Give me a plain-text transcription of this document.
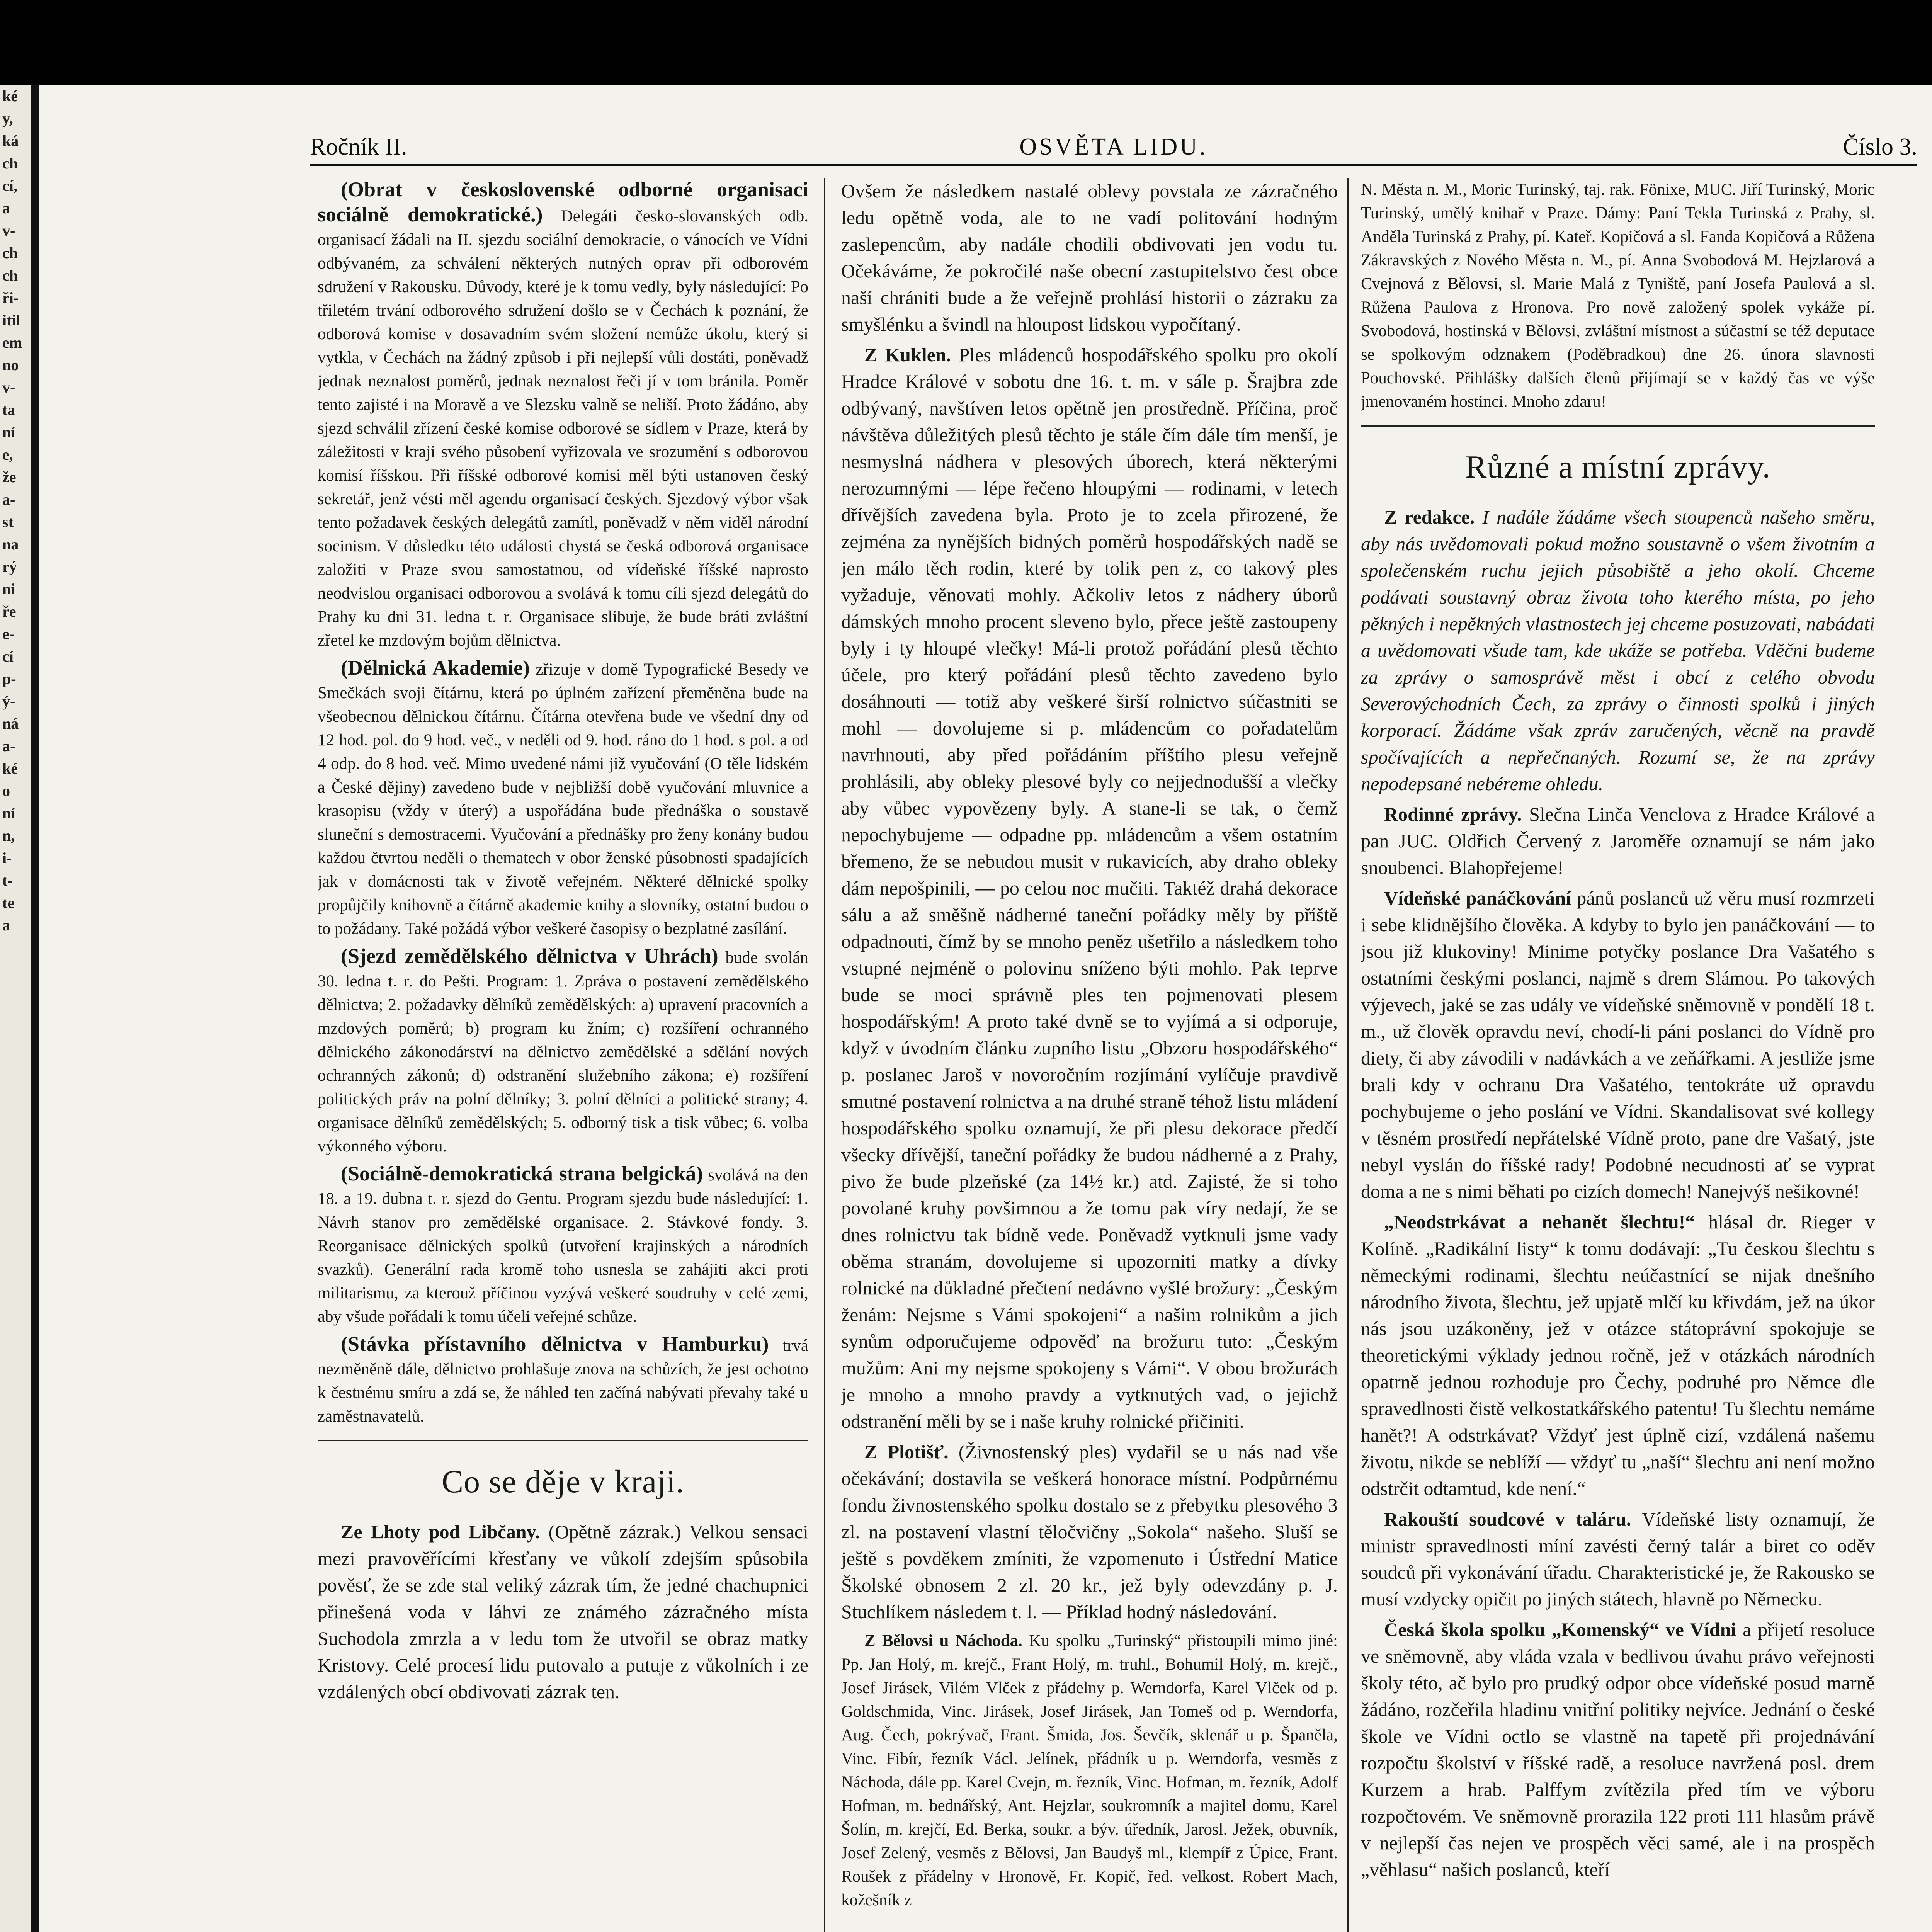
ké
y,
ká
ch
cí,
a
v-
ch
ch
ři-
itil
em
no
v-
ta
ní
e,
že
a-
st
na
rý
ni
ře
e-
cí
p-
ý-
ná
a-
ké
o
ní
n,
i-
t-
te
a
Ročník II.	OSVĚTA LIDU.	Číslo 3.

(Obrat v československé odborné organisaci sociálně demokratické.) Delegáti česko-slovanských odb. organisací žádali na II. sjezdu sociální demokracie, o vánocích ve Vídni odbývaném, za schválení některých nutných oprav při odborovém sdružení v Rakousku. Důvody, které je k tomu vedly, byly následující: Po třiletém trvání odborového sdružení došlo se v Čechách k poznání, že odborová komise v dosavadním svém složení nemůže úkolu, který si vytkla, v Čechách na žádný způsob i při nejlepší vůli dostáti, poněvadž jednak neznalost poměrů, jednak neznalost řeči jí v tom bránila. Poměr tento zajisté i na Moravě a ve Slezsku valně se neliší. Proto žádáno, aby sjezd schválil zřízení české komise odborové se sídlem v Praze, která by záležitosti v kraji svého působení vyřizovala ve srozumění s odborovou komisí říšskou. Při říšské odborové komisi měl býti ustanoven český sekretář, jenž vésti měl agendu organisací českých. Sjezdový výbor však tento požadavek českých delegátů zamítl, poněvadž v něm viděl národní socinism. V důsledku této události chystá se česká odborová organisace založiti v Praze svou samostatnou, od vídeňské říšské naprosto neodvislou organisaci odborovou a svolává k tomu cíli sjezd delegátů do Prahy ku dni 31. ledna t. r. Organisace slibuje, že bude bráti zvláštní zřetel ke mzdovým bojům dělnictva.

(Dělnická Akademie) zřizuje v domě Typografické Besedy ve Smečkách svoji čítárnu, která po úplném zařízení přeměněna bude na všeobecnou dělnickou čítárnu. Čítárna otevřena bude ve všední dny od 12 hod. pol. do 9 hod. več., v neděli od 9. hod. ráno do 1 hod. s pol. a od 4 odp. do 8 hod. več. Mimo uvedené námi již vyučování (O těle lidském a České dějiny) zavedeno bude v nejbližší době vyučování mluvnice a krasopisu (vždy v úterý) a uspořádána bude přednáška o soustavě sluneční s demostracemi. Vyučování a přednášky pro ženy konány budou každou čtvrtou neděli o thematech v obor ženské působnosti spadajících jak v domácnosti tak v životě veřejném. Některé dělnické spolky propůjčily knihovně a čítárně akademie knihy a slovníky, ostatní budou o to požádany. Také požádá výbor veškeré časopisy o bezplatné zasílání.

(Sjezd zemědělského dělnictva v Uhrách) bude svolán 30. ledna t. r. do Pešti. Program: 1. Zpráva o postavení zemědělského dělnictva; 2. požadavky dělníků zemědělských: a) upravení pracovních a mzdových poměrů; b) program ku žním; c) rozšíření ochranného dělnického zákonodárství na dělnictvo zemědělské a sdělání nových ochranných zákonů; d) odstranění služebního zákona; e) rozšíření politických práv na polní dělníky; 3. polní dělníci a politické strany; 4. organisace dělníků zemědělských; 5. odborný tisk a tisk vůbec; 6. volba výkonného výboru.

(Sociálně-demokratická strana belgická) svolává na den 18. a 19. dubna t. r. sjezd do Gentu. Program sjezdu bude následující: 1. Návrh stanov pro zemědělské organisace. 2. Stávkové fondy. 3. Reorganisace dělnických spolků (utvoření krajinských a národních svazků). Generální rada kromě toho usnesla se zahájiti akci proti militarismu, za kterouž příčinou vyzývá veškeré soudruhy v celé zemi, aby všude pořádali k tomu účeli veřejné schůze.

(Stávka přístavního dělnictva v Hamburku) trvá nezměněně dále, dělnictvo prohlašuje znova na schůzích, že jest ochotno k čestnému smíru a zdá se, že náhled ten začíná nabývati převahy také u zaměstnavatelů.

Co se děje v kraji.

Ze Lhoty pod Libčany. (Opětně zázrak.) Velkou sensaci mezi pravověřícími křesťany ve vůkolí zdejším spůsobila pověsť, že se zde stal veliký zázrak tím, že jedné chachupnici přinešená voda v láhvi ze známého zázračného místa Suchodola zmrzla a v ledu tom že utvořil se obraz matky Kristovy. Celé procesí lidu putovalo a putuje z vůkolních i ze vzdálených obcí obdivovati zázrak ten.

Ovšem že následkem nastalé oblevy povstala ze zázračného ledu opětně voda, ale to ne vadí politování hodným zaslepencům, aby nadále chodili obdivovati jen vodu tu. Očekáváme, že pokročilé naše obecní zastupitelstvo čest obce naší chrániti bude a že veřejně prohlásí historii o zázraku za smyšlénku a švindl na hloupost lidskou vypočítaný.

Z Kuklen. Ples mládenců hospodářského spolku pro okolí Hradce Králové v sobotu dne 16. t. m. v sále p. Šrajbra zde odbývaný, navštíven letos opětně jen prostředně. Příčina, proč návštěva důležitých plesů těchto je stále čím dále tím menší, je nesmyslná nádhera v plesových úborech, která některými nerozumnými — lépe řečeno hloupými — rodinami, v letech dřívějších zavedena byla. Proto je to zcela přirozené, že zejména za nynějších bidných poměrů hospodářských nadě se jen málo těch rodin, které by tolik pen z, co takový ples vyžaduje, věnovati mohly. Ačkoliv letos z nádhery úborů dámských mnoho procent sleveno bylo, přece ještě zastoupeny byly i ty hloupé vlečky! Má-li protož pořádání plesů těchto účele, pro který pořádání plesů těchto zavedeno bylo dosáhnouti — totiž aby veškeré širší rolnictvo súčastniti se mohl — dovolujeme si p. mládencům co pořadatelům navrhnouti, aby před pořádáním příštího plesu veřejně prohlásili, aby obleky plesové byly co nejjednodušší a vlečky aby vůbec vypovězeny byly. A stane-li se tak, o čemž nepochybujeme — odpadne pp. mládencům a všem ostatním břemeno, že se nebudou musit v rukavicích, aby draho obleky dám nepošpinili, — po celou noc mučiti. Taktéž drahá dekorace sálu a až směšně nádherné taneční pořádky měly by příště odpadnouti, čímž by se mnoho peněz ušetřilo a následkem toho vstupné nejméně o polovinu sníženo býti mohlo. Pak teprve bude se moci správně ples ten pojmenovati plesem hospodářským! A proto také dvně se to vyjímá a si odporuje, když v úvodním článku zupního listu „Obzoru hospodářského“ p. poslanec Jaroš v novoročním rozjímání vylíčuje pravdivě smutné postavení rolnictva a na druhé straně téhož listu mládení hospodářského spolku oznamují, že při plesu dekorace předčí všecky dřívější, taneční pořádky že budou nádherné a z Prahy, pivo že bude plzeňské (za 14½ kr.) atd. Zajisté, že si toho povolané kruhy povšimnou a že tomu pak víry nedají, že se dnes rolnictvu tak bídně vede. Poněvadž vytknuli jsme vady oběma stranám, dovolujeme si upozorniti matky a dívky rolnické na důkladné přečtení nedávno vyšlé brožury: „Českým ženám: Nejsme s Vámi spokojeni“ a našim rolnikům a jich synům odporučujeme odpověď na brožuru tuto: „Českým mužům: Ani my nejsme spokojeny s Vámi“. V obou brožurách je mnoho a mnoho pravdy a vytknutých vad, o jejichž odstranění měli by se i naše kruhy rolnické přičiniti.

Z Plotišť. (Živnostenský ples) vydařil se u nás nad vše očekávání; dostavila se veškerá honorace místní. Podpůrnému fondu živnostenského spolku dostalo se z přebytku plesového 3 zl. na postavení vlastní těločvičny „Sokola“ našeho. Sluší se ještě s povděkem zmíniti, že vzpomenuto i Ústřední Matice Školské obnosem 2 zl. 20 kr., jež byly odevzdány p. J. Stuchlíkem následem t. l. — Příklad hodný následování.

Z Bělovsi u Náchoda. Ku spolku „Turinský“ přistoupili mimo jiné: Pp. Jan Holý, m. krejč., Frant Holý, m. truhl., Bohumil Holý, m. krejč., Josef Jirásek, Vilém Vlček z přádelny p. Werndorfa, Karel Vlček od p. Goldschmida, Vinc. Jirásek, Josef Jirásek, Jan Tomeš od p. Werndorfa, Aug. Čech, pokrývač, Frant. Šmida, Jos. Ševčík, sklenář u p. Španěla, Vinc. Fibír, řezník Václ. Jelínek, přádník u p. Werndorfa, vesměs z Náchoda, dále pp. Karel Cvejn, m. řezník, Vinc. Hofman, m. řezník, Adolf Hofman, m. bednářský, Ant. Hejzlar, soukromník a majitel domu, Karel Šolín, m. krejčí, Ed. Berka, soukr. a býv. úředník, Jarosl. Ježek, obuvník, Josef Zelený, vesměs z Bělovsi, Jan Baudyš ml., klempíř z Úpice, Frant. Roušek z přádelny v Hronově, Fr. Kopič, řed. velkost. Robert Mach, kožešník z

N. Města n. M., Moric Turinský, taj. rak. Fönixe, MUC. Jiří Turinský, Moric Turinský, umělý knihař v Praze. Dámy: Paní Tekla Turinská z Prahy, sl. Anděla Turinská z Prahy, pí. Kateř. Kopičová a sl. Fanda Kopičová a Růžena Zákravských z Nového Města n. M., pí. Anna Svobodová M. Hejzlarová a Cvejnová z Bělovsi, sl. Marie Malá z Tyniště, paní Josefa Paulová a sl. Růžena Paulova z Hronova. Pro nově založený spolek vykáže pí. Svobodová, hostinská v Bělovsi, zvláštní místnost a súčastní se též deputace se spolkovým odznakem (Poděbradkou) dne 26. února slavnosti Pouchovské. Přihlášky dalších členů přijímají se v každý čas ve výše jmenovaném hostinci. Mnoho zdaru!

Různé a místní zprávy.

Z redakce. I nadále žádáme všech stoupenců našeho směru, aby nás uvědomovali pokud možno soustavně o všem životním a společenském ruchu jejich působiště a jeho okolí. Chceme podávati soustavný obraz života toho kterého místa, po jeho pěkných i nepěkných vlastnostech jej chceme posuzovati, nabádati a uvědomovati všude tam, kde ukáže se potřeba. Vděčni budeme za zprávy o samosprávě měst i obcí z celého obvodu Severovýchodních Čech, za zprávy o činnosti spolků i jiných korporací. Žádáme však zpráv zaručených, věcně na pravdě spočívajících a nepřečnaných. Rozumí se, že na zprávy nepodepsané nebéreme ohledu.

Rodinné zprávy. Slečna Linča Venclova z Hradce Králové a pan JUC. Oldřich Červený z Jaroměře oznamují se nám jako snoubenci. Blahopřejeme!

Vídeňské panáčkování pánů poslanců už věru musí rozmrzeti i sebe klidnějšího člověka. A kdyby to bylo jen panáčkování — to jsou již klukoviny! Minime potyčky poslance Dra Vašatého s ostatními českými poslanci, najmě s drem Slámou. Po takových výjevech, jaké se zas udály ve vídeňské sněmovně v pondělí 18 t. m., už člověk opravdu neví, chodí-li páni poslanci do Vídně pro diety, či aby závodili v nadávkách a ve zeňářkami. A jestliže jsme brali kdy v ochranu Dra Vašatého, tentokráte už opravdu pochybujeme o jeho poslání ve Vídni. Skandalisovat své kollegy v těsném prostředí nepřátelské Vídně proto, pane dre Vašatý, jste nebyl vyslán do říšské rady! Podobné necudnosti ať se vyprat doma a ne s nimi běhati po cizích domech! Nanejvýš nešikovné!

„Neodstrkávat a nehanět šlechtu!“ hlásal dr. Rieger v Kolíně. „Radikální listy“ k tomu dodávají: „Tu českou šlechtu s německými rodinami, šlechtu neúčastnící se nijak dnešního národního života, šlechtu, jež upjatě mlčí ku křivdám, jež na úkor nás jsou uzákoněny, jež v otázce státoprávní spokojuje se theoretickými výklady jednou ročně, jež v otázkách národních opatrně jednou rozhoduje pro Čechy, podruhé pro Němce dle spravedlnosti čistě velkostatkářského patentu! Tu šlechtu nemáme hanět?! A odstrkávat? Vždyť jest úplně cizí, vzdálená našemu životu, nikde se neblíží — vždyť tu „naší“ šlechtu ani není možno odstrčit odtamtud, kde není.“

Rakouští soudcové v taláru. Vídeňské listy oznamují, že ministr spravedlnosti míní zavésti černý talár a biret co oděv soudců při vykonávání úřadu. Charakteristické je, že Rakousko se musí vzdycky opičit po jiných státech, hlavně po Německu.

Česká škola spolku „Komenský“ ve Vídni a přijetí resoluce ve sněmovně, aby vláda vzala v bedlivou úvahu právo veřejnosti školy této, ač bylo pro prudký odpor obce vídeňské posud marně žádáno, rozčeřila hladinu vnitřní politiky nejvíce. Jednání o české škole ve Vídni octlo se vlastně na tapetě při projednávání rozpočtu školství v říšské radě, a resoluce navržená posl. drem Kurzem a hrab. Palffym zvítězila před tím ve výboru rozpočtovém. Ve sněmovně prorazila 122 proti 111 hlasům právě v nejlepší čas nejen ve prospěch věci samé, ale i na prospěch „věhlasu“ našich poslanců, kteří
